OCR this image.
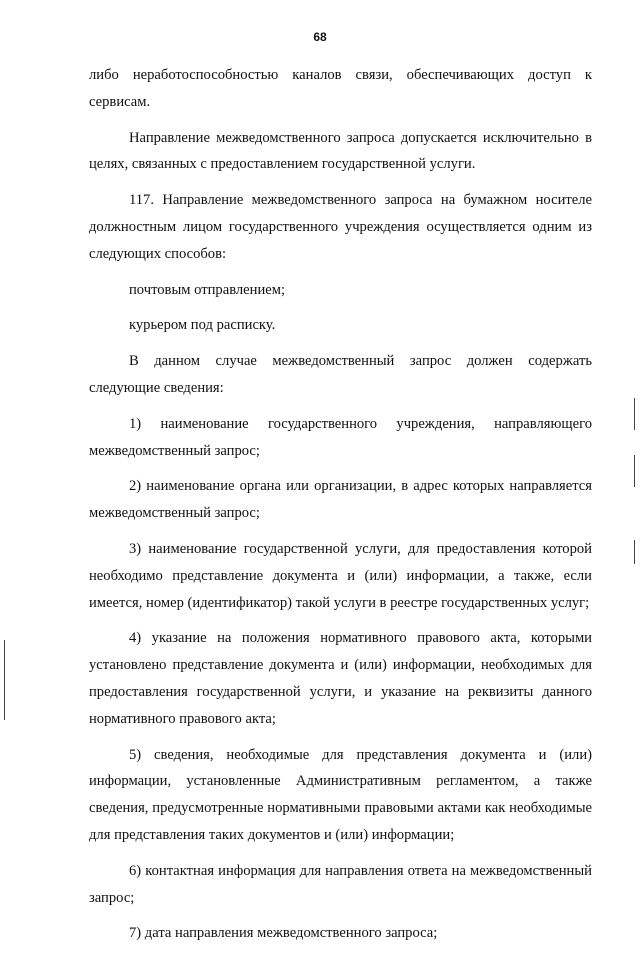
68

либо неработоспособностью каналов связи, обеспечивающих доступ к сервисам.

Направление межведомственного запроса допускается исключительно в целях, связанных с предоставлением государственной услуги.

117. Направление межведомственного запроса на бумажном носителе должностным лицом государственного учреждения осуществляется одним из следующих способов:

почтовым отправлением;

курьером под расписку.

В данном случае межведомственный запрос должен содержать следующие сведения:

1) наименование государственного учреждения, направляющего межведомственный запрос;

2) наименование органа или организации, в адрес которых направляется межведомственный запрос;

3) наименование государственной услуги, для предоставления которой необходимо представление документа и (или) информации, а также, если имеется, номер (идентификатор) такой услуги в реестре государственных услуг;

4) указание на положения нормативного правового акта, которыми установлено представление документа и (или) информации, необходимых для предоставления государственной услуги, и указание на реквизиты данного нормативного правового акта;

5) сведения, необходимые для представления документа и (или) информации, установленные Административным регламентом, а также сведения, предусмотренные нормативными правовыми актами как необходимые для представления таких документов и (или) информации;

6) контактная информация для направления ответа на межведомственный запрос;

7) дата направления межведомственного запроса;
